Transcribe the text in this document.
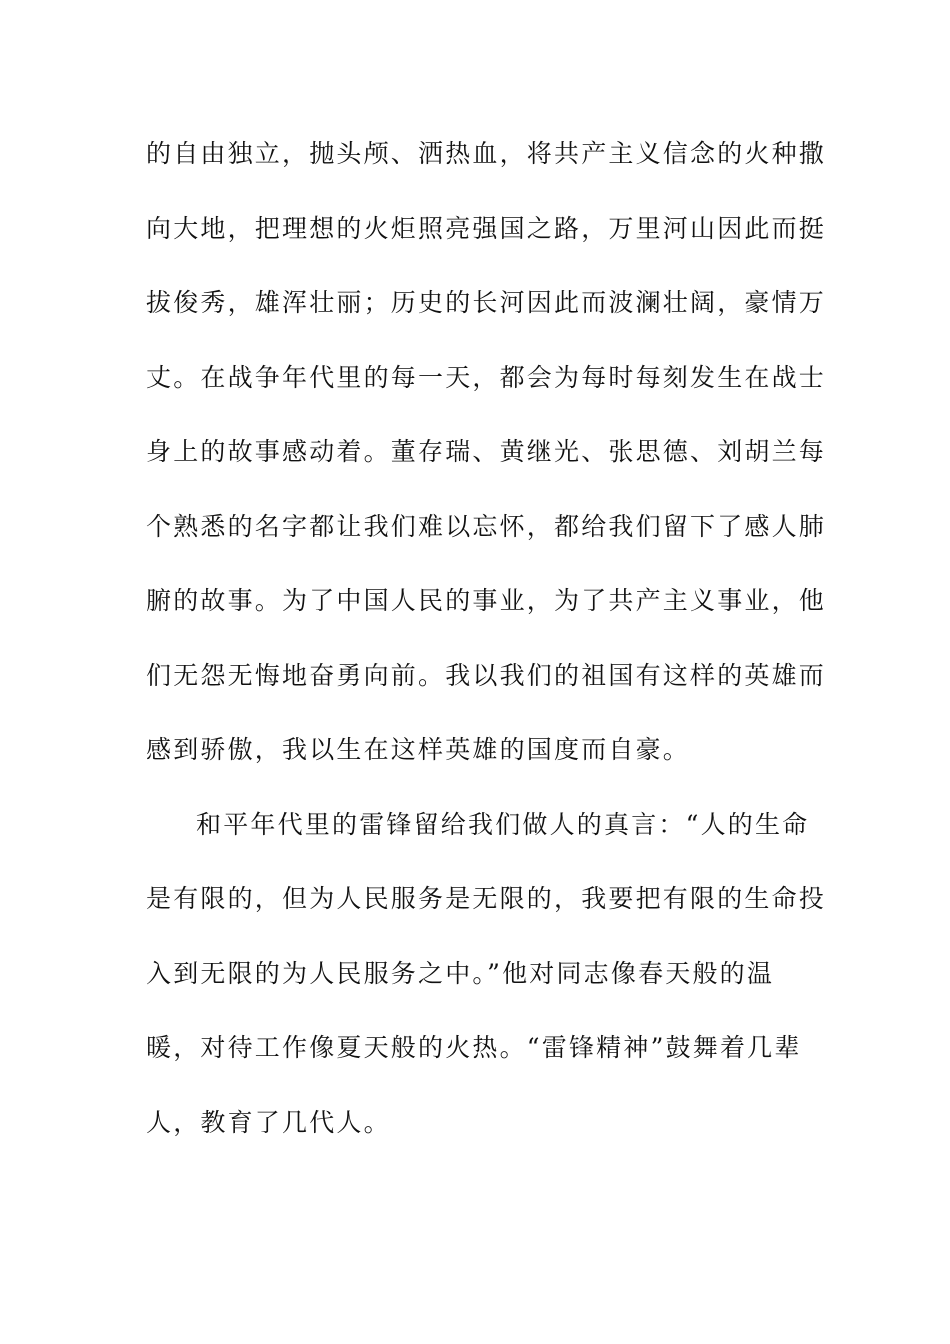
的自由独立，抛头颅、洒热血，将共产主义信念的火种撒
向大地，把理想的火炬照亮强国之路，万里河山因此而挺
拔俊秀，雄浑壮丽；历史的长河因此而波澜壮阔，豪情万
丈。在战争年代里的每一天，都会为每时每刻发生在战士
身上的故事感动着。董存瑞、黄继光、张思德、刘胡兰每
个熟悉的名字都让我们难以忘怀，都给我们留下了感人肺
腑的故事。为了中国人民的事业，为了共产主义事业，他
们无怨无悔地奋勇向前。我以我们的祖国有这样的英雄而
感到骄傲，我以生在这样英雄的国度而自豪。
和平年代里的雷锋留给我们做人的真言：“人的生命
是有限的，但为人民服务是无限的，我要把有限的生命投
入到无限的为人民服务之中。”他对同志像春天般的温
暖，对待工作像夏天般的火热。“雷锋精神”鼓舞着几辈
人，教育了几代人。
